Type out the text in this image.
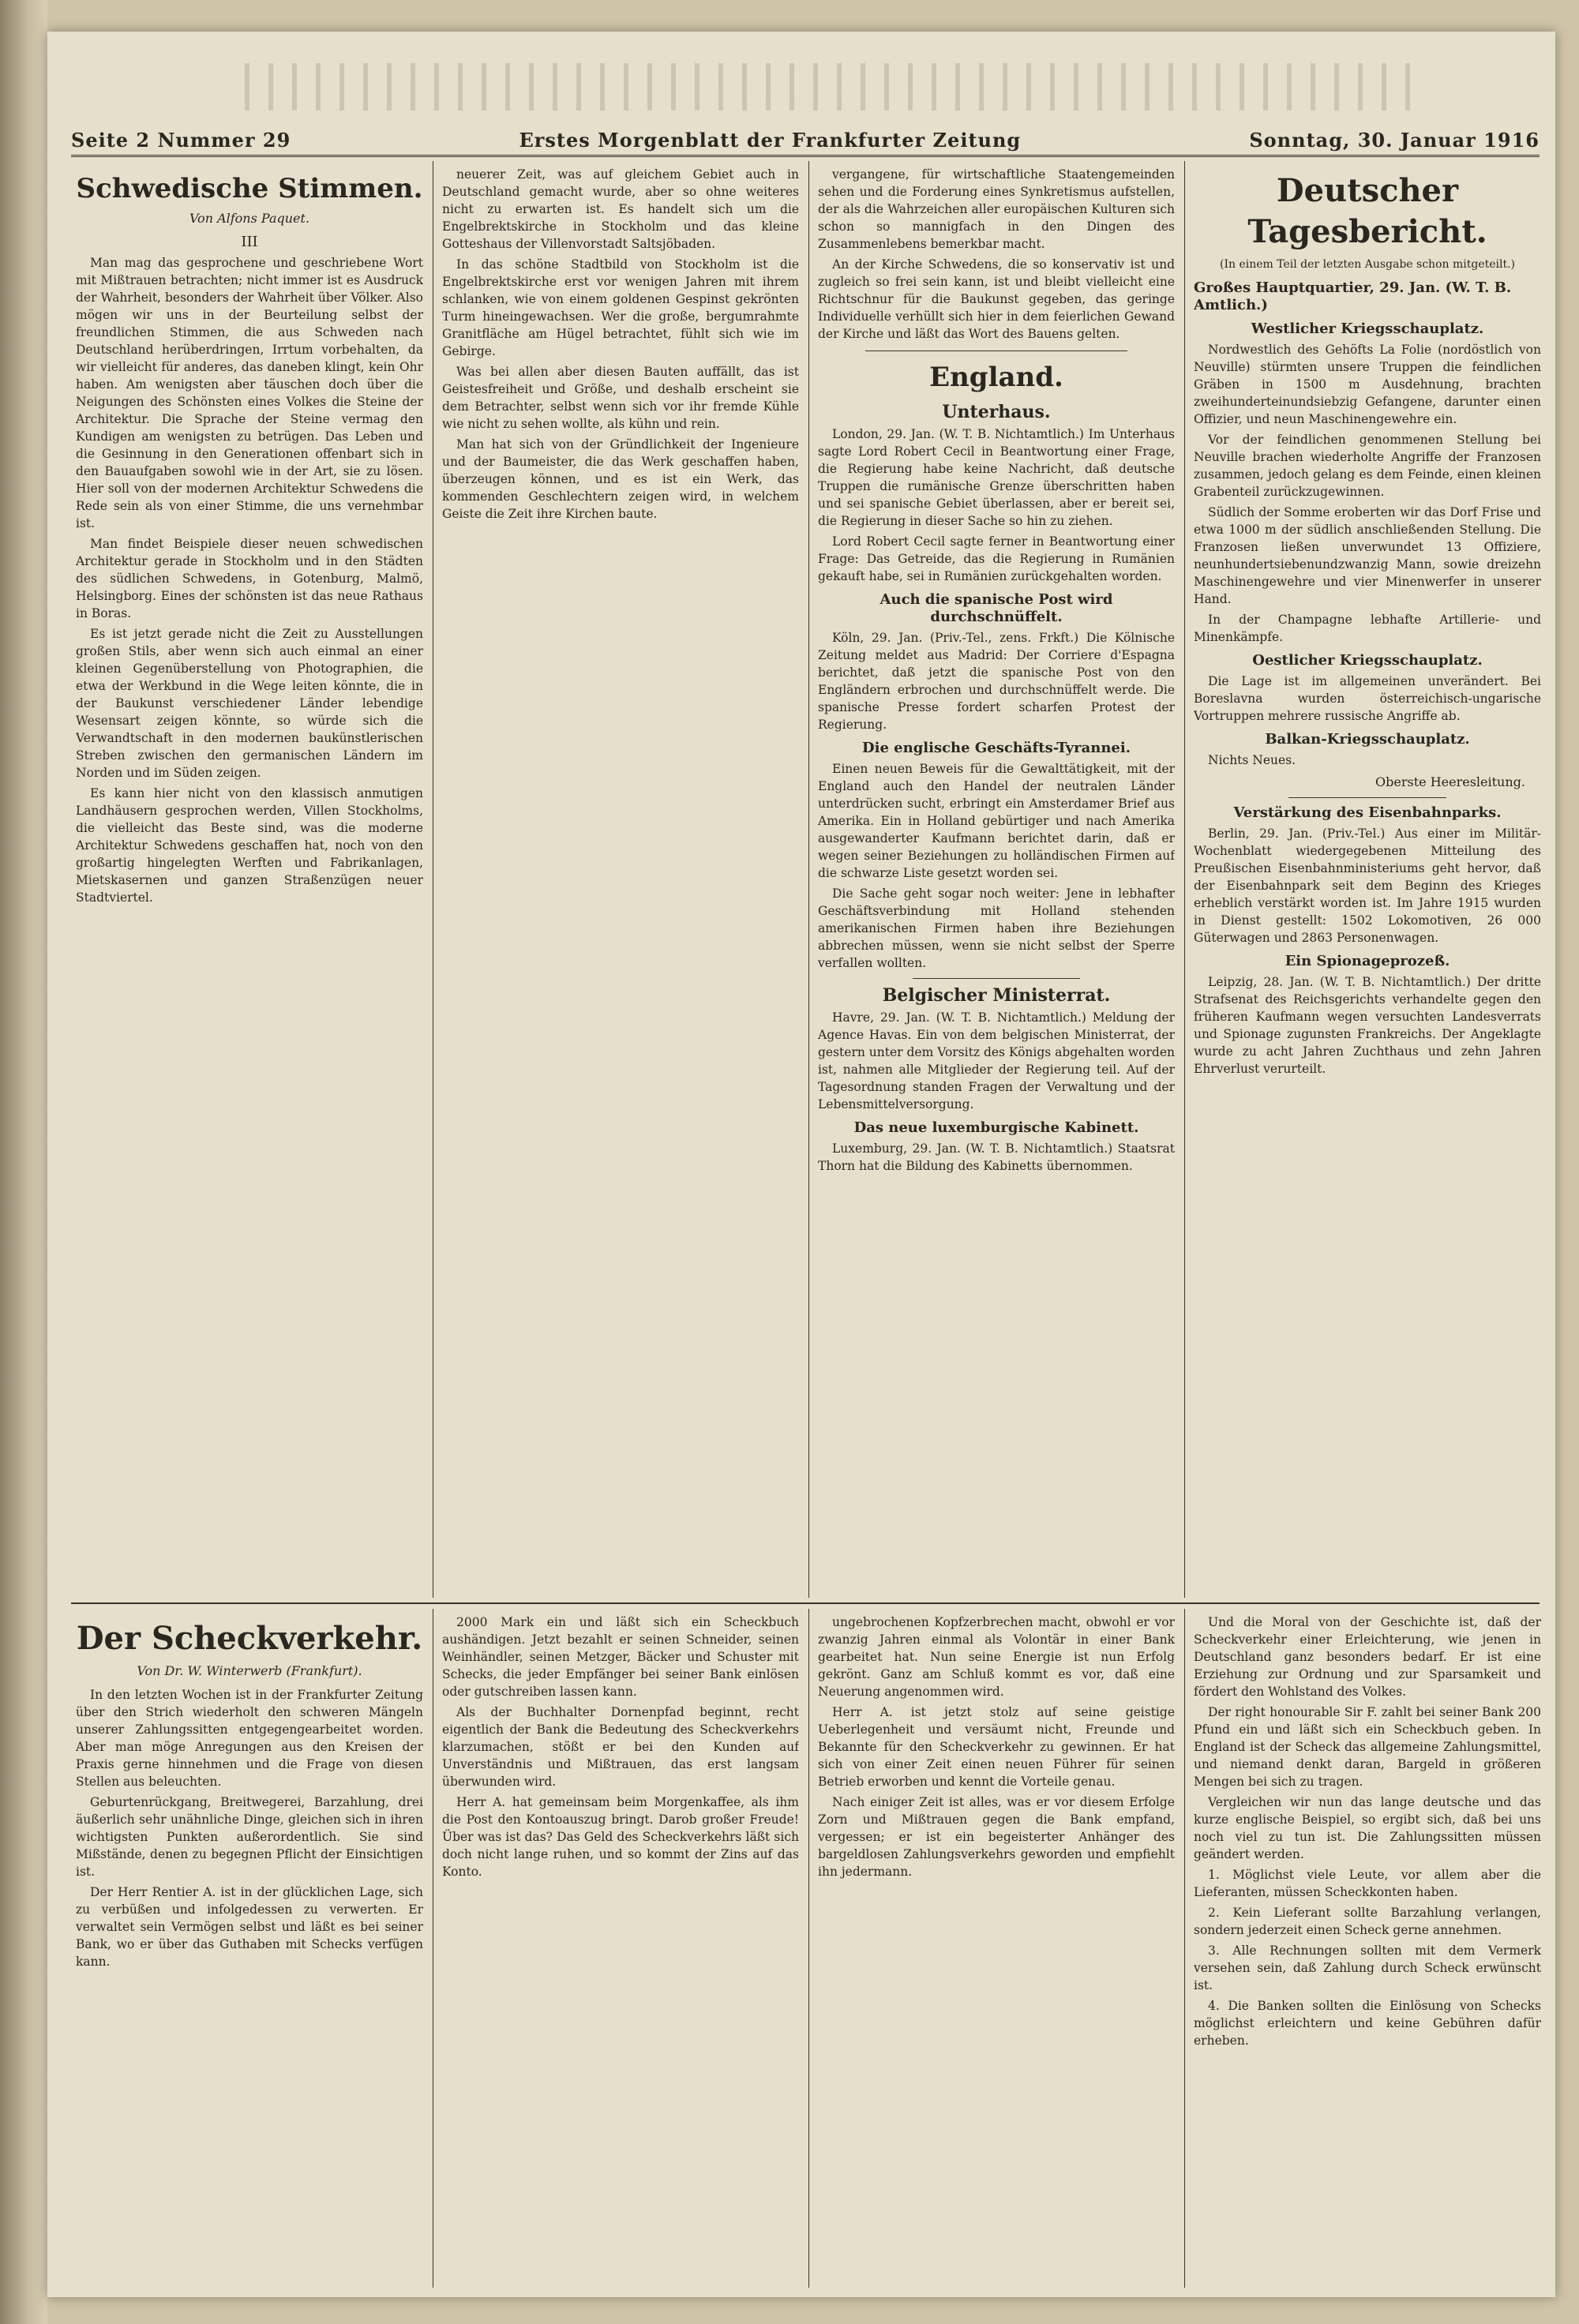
Seite 2 Nummer 29	Erstes Morgenblatt der Frankfurter Zeitung	Sonntag, 30. Januar 1916
Schwedische Stimmen.
Von Alfons Paquet.
III

Man mag das gesprochene und geschriebene Wort mit Mißtrauen betrachten; nicht immer ist es Ausdruck der Wahrheit, besonders der Wahrheit über Völker. Also mögen wir uns in der Beurteilung selbst der freundlichen Stimmen, die aus Schweden nach Deutschland herüberdringen, Irrtum vorbehalten, da wir vielleicht für anderes, das daneben klingt, kein Ohr haben. Am wenigsten aber täuschen doch über die Neigungen des Schönsten eines Volkes die Steine der Architektur. Die Sprache der Steine vermag den Kundigen am wenigsten zu betrügen. Das Leben und die Gesinnung in den Generationen offenbart sich in den Bauaufgaben sowohl wie in der Art, sie zu lösen. Hier soll von der modernen Architektur Schwedens die Rede sein als von einer Stimme, die uns vernehmbar ist.

Man findet Beispiele dieser neuen schwedischen Architektur gerade in Stockholm und in den Städten des südlichen Schwedens, in Gotenburg, Malmö, Helsingborg. Eines der schönsten ist das neue Rathaus in Boras.

Es ist jetzt gerade nicht die Zeit zu Ausstellungen großen Stils, aber wenn sich auch einmal an einer kleinen Gegenüberstellung von Photographien, die etwa der Werkbund in die Wege leiten könnte, die in der Baukunst verschiedener Länder lebendige Wesensart zeigen könnte, so würde sich die Verwandtschaft in den modernen baukünstlerischen Streben zwischen den germanischen Ländern im Norden und im Süden zeigen.

Es kann hier nicht von den klassisch anmutigen Landhäusern gesprochen werden, Villen Stockholms, die vielleicht das Beste sind, was die moderne Architektur Schwedens geschaffen hat, noch von den großartig hingelegten Werften und Fabrikanlagen, Mietskasernen und ganzen Straßenzügen neuer Stadtviertel.

neuerer Zeit, was auf gleichem Gebiet auch in Deutschland gemacht wurde, aber so ohne weiteres nicht zu erwarten ist. Es handelt sich um die Engelbrektskirche in Stockholm und das kleine Gotteshaus der Villenvorstadt Saltsjöbaden.

In das schöne Stadtbild von Stockholm ist die Engelbrektskirche erst vor wenigen Jahren mit ihrem schlanken, wie von einem goldenen Gespinst gekrönten Turm hineingewachsen. Wer die große, bergumrahmte Granitfläche am Hügel betrachtet, fühlt sich wie im Gebirge.

Was bei allen aber diesen Bauten auffällt, das ist Geistesfreiheit und Größe, und deshalb erscheint sie dem Betrachter, selbst wenn sich vor ihr fremde Kühle wie nicht zu sehen wollte, als kühn und rein.

Man hat sich von der Gründlichkeit der Ingenieure und der Baumeister, die das Werk geschaffen haben, überzeugen können, und es ist ein Werk, das kommenden Geschlechtern zeigen wird, in welchem Geiste die Zeit ihre Kirchen baute.

vergangene, für wirtschaftliche Staatengemeinden sehen und die Forderung eines Synkretismus aufstellen, der als die Wahrzeichen aller europäischen Kulturen sich schon so mannigfach in den Dingen des Zusammenlebens bemerkbar macht.

An der Kirche Schwedens, die so konservativ ist und zugleich so frei sein kann, ist und bleibt vielleicht eine Richtschnur für die Baukunst gegeben, das geringe Individuelle verhüllt sich hier in dem feierlichen Gewand der Kirche und läßt das Wort des Bauens gelten.

England.
Unterhaus.

London, 29. Jan. (W. T. B. Nichtamtlich.) Im Unterhaus sagte Lord Robert Cecil in Beantwortung einer Frage, die Regierung habe keine Nachricht, daß deutsche Truppen die rumänische Grenze überschritten haben und sei spanische Gebiet überlassen, aber er bereit sei, die Regierung in dieser Sache so hin zu ziehen.

Lord Robert Cecil sagte ferner in Beantwortung einer Frage: Das Getreide, das die Regierung in Rumänien gekauft habe, sei in Rumänien zurückgehalten worden.

Auch die spanische Post wird durchschnüffelt.

Köln, 29. Jan. (Priv.-Tel., zens. Frkft.) Die Kölnische Zeitung meldet aus Madrid: Der Corriere d'Espagna berichtet, daß jetzt die spanische Post von den Engländern erbrochen und durchschnüffelt werde. Die spanische Presse fordert scharfen Protest der Regierung.

Die englische Geschäfts-Tyrannei.

Einen neuen Beweis für die Gewalttätigkeit, mit der England auch den Handel der neutralen Länder unterdrücken sucht, erbringt ein Amsterdamer Brief aus Amerika. Ein in Holland gebürtiger und nach Amerika ausgewanderter Kaufmann berichtet darin, daß er wegen seiner Beziehungen zu holländischen Firmen auf die schwarze Liste gesetzt worden sei.

Die Sache geht sogar noch weiter: Jene in lebhafter Geschäftsverbindung mit Holland stehenden amerikanischen Firmen haben ihre Beziehungen abbrechen müssen, wenn sie nicht selbst der Sperre verfallen wollten.

Belgischer Ministerrat.

Havre, 29. Jan. (W. T. B. Nichtamtlich.) Meldung der Agence Havas. Ein von dem belgischen Ministerrat, der gestern unter dem Vorsitz des Königs abgehalten worden ist, nahmen alle Mitglieder der Regierung teil. Auf der Tagesordnung standen Fragen der Verwaltung und der Lebensmittelversorgung.

Das neue luxemburgische Kabinett.

Luxemburg, 29. Jan. (W. T. B. Nichtamtlich.) Staatsrat Thorn hat die Bildung des Kabinetts übernommen.

Deutscher Tagesbericht.
(In einem Teil der letzten Ausgabe schon mitgeteilt.)
Großes Hauptquartier, 29. Jan. (W. T. B. Amtlich.)
Westlicher Kriegsschauplatz.

Nordwestlich des Gehöfts La Folie (nordöstlich von Neuville) stürmten unsere Truppen die feindlichen Gräben in 1500 m Ausdehnung, brachten zweihunderteinundsiebzig Gefangene, darunter einen Offizier, und neun Maschinengewehre ein.

Vor der feindlichen genommenen Stellung bei Neuville brachen wiederholte Angriffe der Franzosen zusammen, jedoch gelang es dem Feinde, einen kleinen Grabenteil zurückzugewinnen.

Südlich der Somme eroberten wir das Dorf Frise und etwa 1000 m der südlich anschließenden Stellung. Die Franzosen ließen unverwundet 13 Offiziere, neunhundertsiebenundzwanzig Mann, sowie dreizehn Maschinengewehre und vier Minenwerfer in unserer Hand.

In der Champagne lebhafte Artillerie- und Minenkämpfe.

Oestlicher Kriegsschauplatz.

Die Lage ist im allgemeinen unverändert. Bei Boreslavna wurden österreichisch-ungarische Vortruppen mehrere russische Angriffe ab.

Balkan-Kriegsschauplatz.

Nichts Neues.

Oberste Heeresleitung.
Verstärkung des Eisenbahnparks.

Berlin, 29. Jan. (Priv.-Tel.) Aus einer im Militär-Wochenblatt wiedergegebenen Mitteilung des Preußischen Eisenbahnministeriums geht hervor, daß der Eisenbahnpark seit dem Beginn des Krieges erheblich verstärkt worden ist. Im Jahre 1915 wurden in Dienst gestellt: 1502 Lokomotiven, 26 000 Güterwagen und 2863 Personenwagen.

Ein Spionageprozeß.

Leipzig, 28. Jan. (W. T. B. Nichtamtlich.) Der dritte Strafsenat des Reichsgerichts verhandelte gegen den früheren Kaufmann wegen versuchten Landesverrats und Spionage zugunsten Frankreichs. Der Angeklagte wurde zu acht Jahren Zuchthaus und zehn Jahren Ehrverlust verurteilt.

Der Scheckverkehr.
Von Dr. W. Winterwerb (Frankfurt).

In den letzten Wochen ist in der Frankfurter Zeitung über den Strich wiederholt den schweren Mängeln unserer Zahlungssitten entgegengearbeitet worden. Aber man möge Anregungen aus den Kreisen der Praxis gerne hinnehmen und die Frage von diesen Stellen aus beleuchten.

Geburtenrückgang, Breitwegerei, Barzahlung, drei äußerlich sehr unähnliche Dinge, gleichen sich in ihren wichtigsten Punkten außerordentlich. Sie sind Mißstände, denen zu begegnen Pflicht der Einsichtigen ist.

Der Herr Rentier A. ist in der glücklichen Lage, sich zu verbüßen und infolgedessen zu verwerten. Er verwaltet sein Vermögen selbst und läßt es bei seiner Bank, wo er über das Guthaben mit Schecks verfügen kann.

2000 Mark ein und läßt sich ein Scheckbuch aushändigen. Jetzt bezahlt er seinen Schneider, seinen Weinhändler, seinen Metzger, Bäcker und Schuster mit Schecks, die jeder Empfänger bei seiner Bank einlösen oder gutschreiben lassen kann.

Als der Buchhalter Dornenpfad beginnt, recht eigentlich der Bank die Bedeutung des Scheckverkehrs klarzumachen, stößt er bei den Kunden auf Unverständnis und Mißtrauen, das erst langsam überwunden wird.

Herr A. hat gemeinsam beim Morgenkaffee, als ihm die Post den Kontoauszug bringt. Darob großer Freude! Über was ist das? Das Geld des Scheckverkehrs läßt sich doch nicht lange ruhen, und so kommt der Zins auf das Konto.

ungebrochenen Kopfzerbrechen macht, obwohl er vor zwanzig Jahren einmal als Volontär in einer Bank gearbeitet hat. Nun seine Energie ist nun Erfolg gekrönt. Ganz am Schluß kommt es vor, daß eine Neuerung angenommen wird.

Herr A. ist jetzt stolz auf seine geistige Ueberlegenheit und versäumt nicht, Freunde und Bekannte für den Scheckverkehr zu gewinnen. Er hat sich von einer Zeit einen neuen Führer für seinen Betrieb erworben und kennt die Vorteile genau.

Nach einiger Zeit ist alles, was er vor diesem Erfolge Zorn und Mißtrauen gegen die Bank empfand, vergessen; er ist ein begeisterter Anhänger des bargeldlosen Zahlungsverkehrs geworden und empfiehlt ihn jedermann.

Und die Moral von der Geschichte ist, daß der Scheckverkehr einer Erleichterung, wie jenen in Deutschland ganz besonders bedarf. Er ist eine Erziehung zur Ordnung und zur Sparsamkeit und fördert den Wohlstand des Volkes.

Der right honourable Sir F. zahlt bei seiner Bank 200 Pfund ein und läßt sich ein Scheckbuch geben. In England ist der Scheck das allgemeine Zahlungsmittel, und niemand denkt daran, Bargeld in größeren Mengen bei sich zu tragen.

Vergleichen wir nun das lange deutsche und das kurze englische Beispiel, so ergibt sich, daß bei uns noch viel zu tun ist. Die Zahlungssitten müssen geändert werden.

1. Möglichst viele Leute, vor allem aber die Lieferanten, müssen Scheckkonten haben.

2. Kein Lieferant sollte Barzahlung verlangen, sondern jederzeit einen Scheck gerne annehmen.

3. Alle Rechnungen sollten mit dem Vermerk versehen sein, daß Zahlung durch Scheck erwünscht ist.

4. Die Banken sollten die Einlösung von Schecks möglichst erleichtern und keine Gebühren dafür erheben.
